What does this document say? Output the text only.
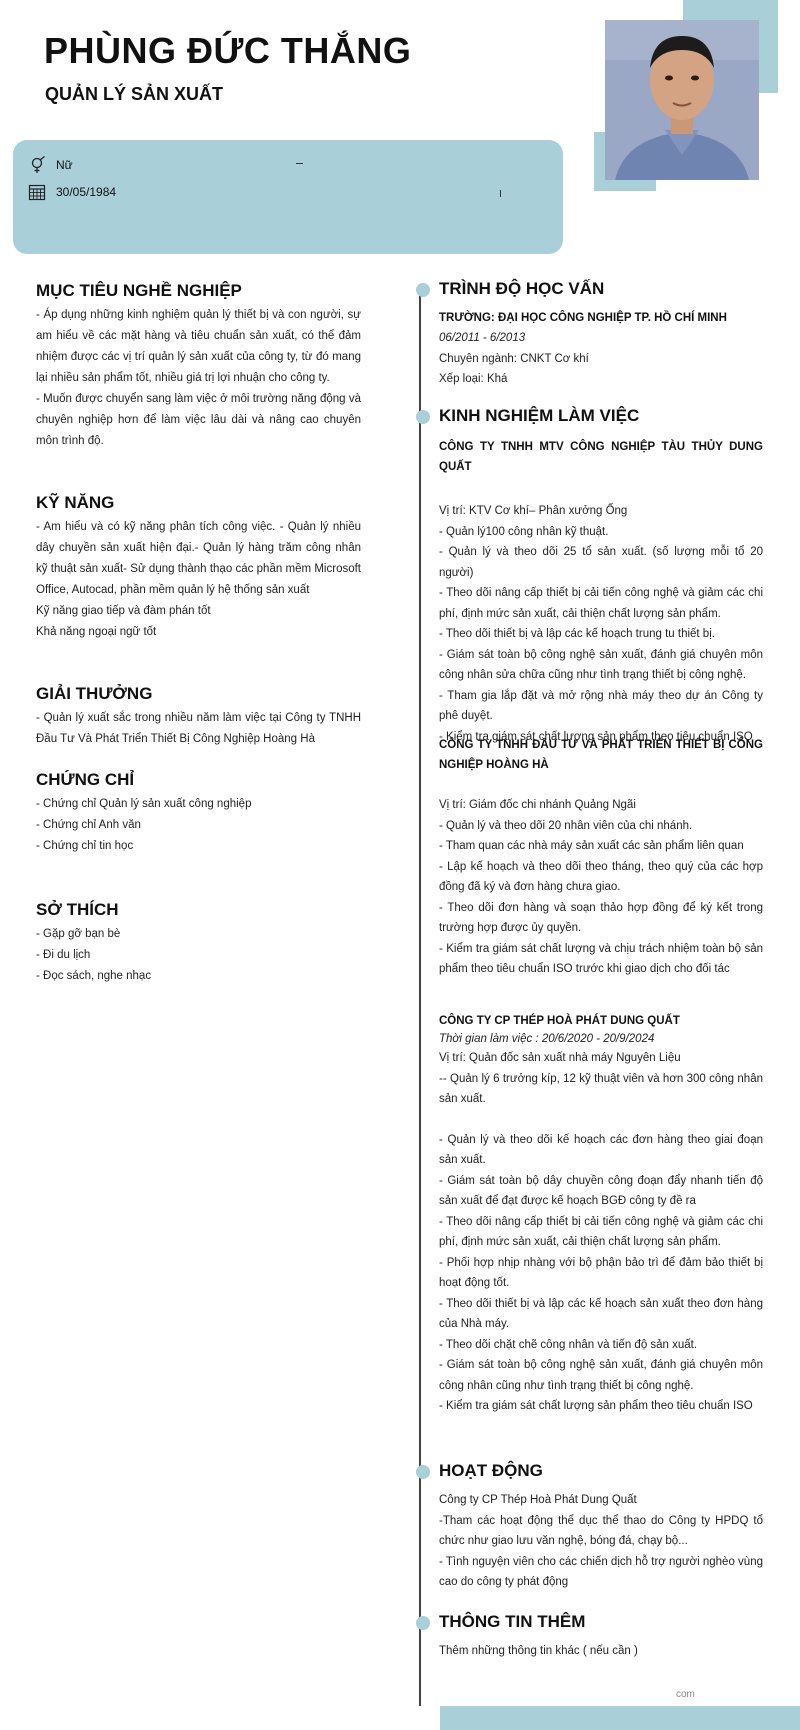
PHÙNG ĐỨC THẮNG
QUẢN LÝ SẢN XUẤT
Nữ
30/05/1984
MỤC TIÊU NGHỀ NGHIỆP

- Áp dụng những kinh nghiệm quản lý thiết bị và con người, sự am hiểu về các mặt hàng và tiêu chuẩn sản xuất, có thể đảm nhiệm được các vị trí quản lý sản xuất của công ty, từ đó mang lại nhiều sản phẩm tốt, nhiều giá trị lợi nhuận cho công ty.

- Muốn được chuyển sang làm việc ở môi trường năng động và chuyên nghiệp hơn để làm việc lâu dài và nâng cao chuyên môn trình độ.

KỸ NĂNG

- Am hiểu và có kỹ năng phân tích công việc. - Quản lý nhiều dây chuyền sản xuất hiện đại.- Quản lý hàng trăm công nhân kỹ thuật sản xuất- Sử dụng thành thạo các phần mềm Microsoft Office, Autocad, phần mềm quản lý hệ thống sản xuất

Kỹ năng giao tiếp và đàm phán tốt

Khả năng ngoại ngữ tốt

GIẢI THƯỞNG

- Quản lý xuất sắc trong nhiều năm làm việc tại Công ty TNHH Đầu Tư Và Phát Triển Thiết Bị Công Nghiệp Hoàng Hà

CHỨNG CHỈ

- Chứng chỉ Quản lý sản xuất công nghiệp

- Chứng chỉ Anh văn

- Chứng chỉ tin học

SỞ THÍCH

- Gặp gỡ bạn bè

- Đi du lịch

- Đọc sách, nghe nhạc

TRÌNH ĐỘ HỌC VẤN
TRƯỜNG: ĐẠI HỌC CÔNG NGHIỆP TP. HỒ CHÍ MINH
06/2011 - 6/2013
Chuyên ngành: CNKT Cơ khí
Xếp loại: Khá
KINH NGHIỆM LÀM VIỆC
CÔNG TY TNHH MTV CÔNG NGHIỆP TÀU THỦY DUNG QUẤT
Vị trí: KTV Cơ khí– Phân xưởng Ống
- Quản lý100 công nhân kỹ thuật.
- Quản lý và theo dõi 25 tổ sản xuất. (số lượng mỗi tổ 20 người)
- Theo dõi nâng cấp thiết bị cải tiến công nghệ và giảm các chi phí, định mức sản xuất, cải thiện chất lượng sản phẩm.
- Theo dõi thiết bị và lập các kế hoạch trung tu thiết bị.
- Giám sát toàn bộ công nghệ sản xuất, đánh giá chuyên môn công nhân sửa chữa cũng như tình trạng thiết bị công nghệ.
- Tham gia lắp đặt và mở rộng nhà máy theo dự án Công ty phê duyệt.
- Kiểm tra giám sát chất lượng sản phẩm theo tiêu chuẩn ISO
CÔNG TY TNHH ĐẦU TƯ VÀ PHÁT TRIỂN THIẾT BỊ CÔNG NGHIỆP HOÀNG HÀ
Vị trí: Giám đốc chi nhánh Quảng Ngãi
- Quản lý và theo dõi 20 nhân viên của chi nhánh.
- Tham quan các nhà máy sản xuất các sản phẩm liên quan
- Lập kế hoạch và theo dõi theo tháng, theo quý của các hợp đồng đã ký và đơn hàng chưa giao.
- Theo dõi đơn hàng và soạn thảo hợp đồng để ký kết trong trường hợp được ủy quyền.
- Kiểm tra giám sát chất lượng và chịu trách nhiệm toàn bộ sản phẩm theo tiêu chuẩn ISO trước khi giao dịch cho đối tác
CÔNG TY CP THÉP HOÀ PHÁT DUNG QUẤT
Thời gian làm việc : 20/6/2020 - 20/9/2024
Vị trí: Quản đốc sản xuất nhà máy Nguyên Liệu
-- Quản lý 6 trưởng kíp, 12 kỹ thuật viên và hơn 300 công nhân sản xuất.
- Quản lý và theo dõi kế hoạch các đơn hàng theo giai đoạn sản xuất.
- Giám sát toàn bộ dây chuyền công đoạn đẩy nhanh tiến độ sản xuất để đạt được kế hoạch BGĐ công ty đề ra
- Theo dõi nâng cấp thiết bị cải tiến công nghệ và giảm các chi phí, định mức sản xuất, cải thiện chất lượng sản phẩm.
- Phối hợp nhịp nhàng với bộ phận bảo trì để đảm bảo thiết bị hoạt động tốt.
- Theo dõi thiết bị và lập các kế hoạch sản xuất theo đơn hàng của Nhà máy.
- Theo dõi chặt chẽ công nhân và tiến độ sản xuất.
- Giám sát toàn bộ công nghệ sản xuất, đánh giá chuyên môn công nhân cũng như tình trạng thiết bị công nghệ.
- Kiểm tra giám sát chất lượng sản phẩm theo tiêu chuẩn ISO
HOẠT ĐỘNG
Công ty CP Thép Hoà Phát Dung Quất
-Tham các hoạt động thể dục thể thao do Công ty HPDQ tổ chức như giao lưu văn nghệ, bóng đá, chạy bộ...
- Tình nguyện viên cho các chiến dịch hỗ trợ người nghèo vùng cao do công ty phát động
THÔNG TIN THÊM
Thêm những thông tin khác ( nếu cần )
com
